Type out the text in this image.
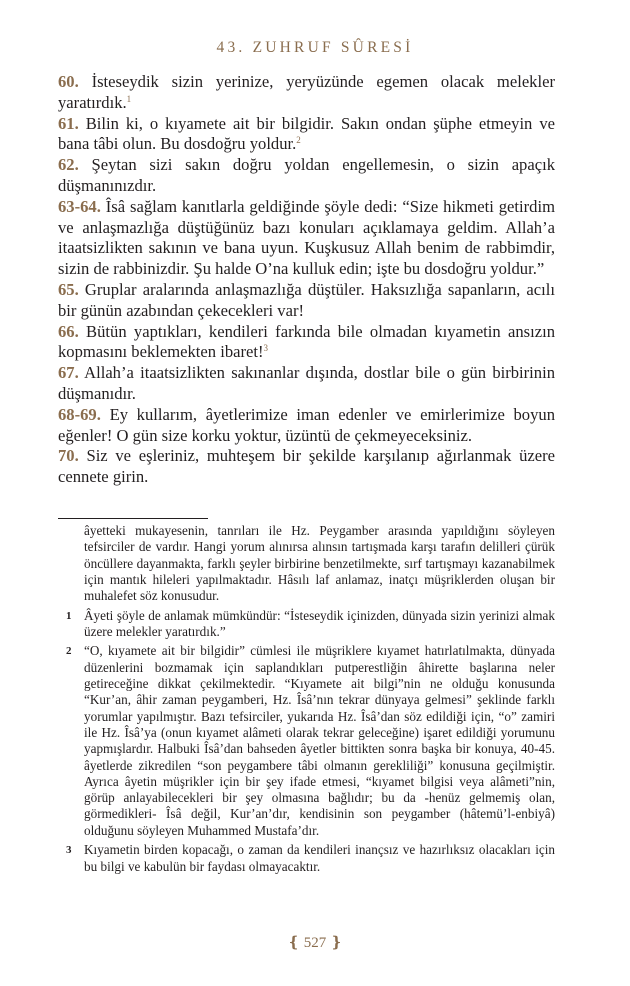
43. ZUHRUF SÛRESİ

60. İsteseydik sizin yerinize, yeryüzünde egemen olacak melekler yaratırdık.$^1$

61. Bilin ki, o kıyamete ait bir bilgidir. Sakın ondan şüphe etmeyin ve bana tâbi olun. Bu dosdoğru yoldur.$^2$

62. Şeytan sizi sakın doğru yoldan engellemesin, o sizin apaçık düşmanınızdır.

63-64. Îsâ sağlam kanıtlarla geldiğinde şöyle dedi: “Size hikmeti getirdim ve anlaşmazlığa düştüğünüz bazı konuları açıklamaya geldim. Allah’a itaatsizlikten sakının ve bana uyun. Kuşkusuz Allah benim de rabbimdir, sizin de rabbinizdir. Şu halde O’na kulluk edin; işte bu dosdoğru yoldur.”

65. Gruplar aralarında anlaşmazlığa düştüler. Haksızlığa sapanların, acılı bir günün azabından çekecekleri var!

66. Bütün yaptıkları, kendileri farkında bile olmadan kıyametin ansızın kopmasını beklemekten ibaret!$^3$

67. Allah’a itaatsizlikten sakınanlar dışında, dostlar bile o gün birbirinin düşmanıdır.

68-69. Ey kullarım, âyetlerimize iman edenler ve emirlerimize boyun eğenler! O gün size korku yoktur, üzüntü de çekmeyeceksiniz.

70. Siz ve eşleriniz, muhteşem bir şekilde karşılanıp ağırlanmak üzere cennete girin.

âyetteki mukayesenin, tanrıları ile Hz. Peygamber arasında yapıldığını söyleyen tefsirciler de vardır. Hangi yorum alınırsa alınsın tartışmada karşı tarafın delilleri çürük öncüllere dayanmakta, farklı şeyler birbirine benzetilmekte, sırf tartışmayı kazanabilmek için mantık hileleri yapılmaktadır. Hâsılı laf anlamaz, inatçı müşriklerden oluşan bir muhalefet söz konusudur.
1 Âyeti şöyle de anlamak mümkündür: “İsteseydik içinizden, dünyada sizin yerinizi almak üzere melekler yaratırdık.”
2 “O, kıyamete ait bir bilgidir” cümlesi ile müşriklere kıyamet hatırlatılmakta, dünyada düzenlerini bozmamak için saplandıkları putperestliğin âhirette başlarına neler getireceğine dikkat çekilmektedir. “Kıyamete ait bilgi”nin ne olduğu konusunda “Kur’an, âhir zaman peygamberi, Hz. Îsâ’nın tekrar dünyaya gelmesi” şeklinde farklı yorumlar yapılmıştır. Bazı tefsirciler, yukarıda Hz. Îsâ’dan söz edildiği için, “o” zamiri ile Hz. Îsâ’ya (onun kıyamet alâmeti olarak tekrar geleceğine) işaret edildiği yorumunu yapmışlardır. Halbuki Îsâ’dan bahseden âyetler bittikten sonra başka bir konuya, 40-45. âyetlerde zikredilen “son peygambere tâbi olmanın gerekliliği” konusuna geçilmiştir. Ayrıca âyetin müşrikler için bir şey ifade etmesi, “kıyamet bilgisi veya alâmeti”nin, görüp anlayabilecekleri bir şey olmasına bağlıdır; bu da -henüz gelmemiş olan, görmedikleri- Îsâ değil, Kur’an’dır, kendisinin son peygamber (hâtemü’l-enbiyâ) olduğunu söyleyen Muhammed Mustafa’dır.
3 Kıyametin birden kopacağı, o zaman da kendileri inançsız ve hazırlıksız olacakları için bu bilgi ve kabulün bir faydası olmayacaktır.
❴ 527 ❵
